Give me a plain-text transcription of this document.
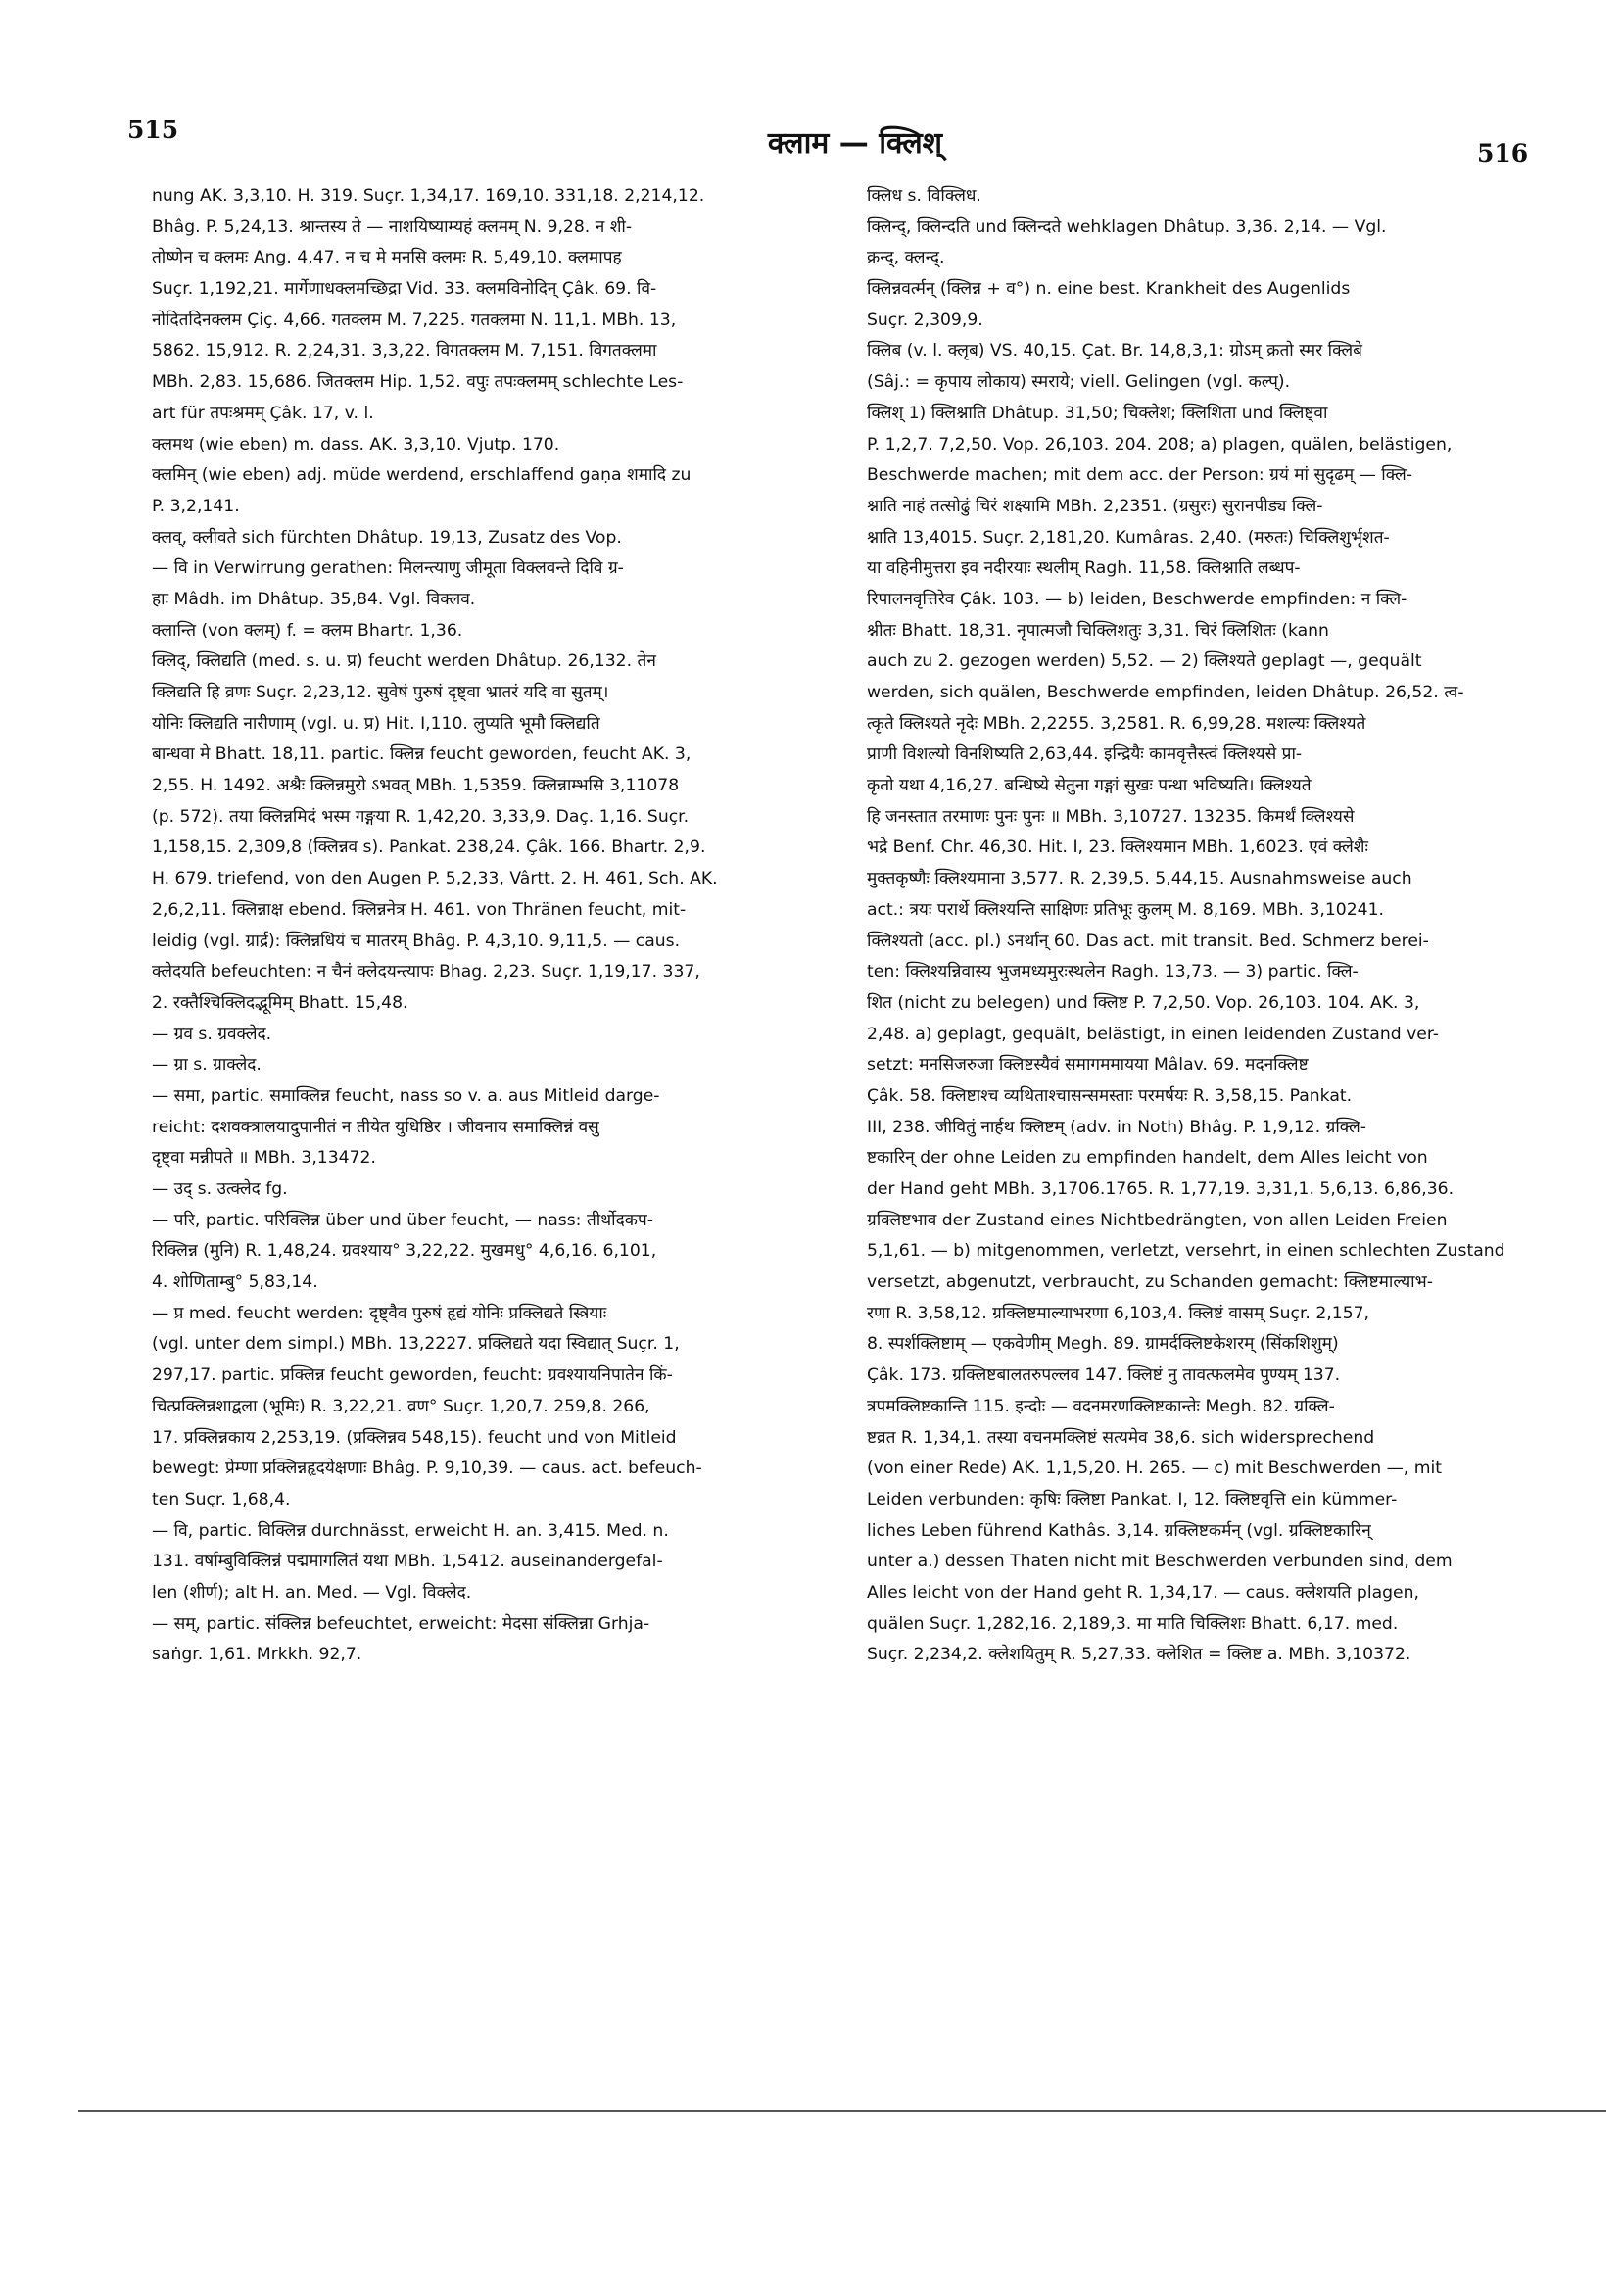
515	क्लाम — क्लिश्	516
nung AK. 3,3,10. H. 319. Suçr. 1,34,17. 169,10. 331,18. 2,214,12.
Bhâg. P. 5,24,13. श्रान्तस्य ते — नाशयिष्याम्यहं क्लमम् N. 9,28. न शी-
तोष्णेन च क्लमः Ang. 4,47. न च मे मनसि क्लमः R. 5,49,10. क्लमापह
Suçr. 1,192,21. मार्गेणाधक्लमच्छिद्रा Vid. 33. क्लमविनोदिन् Çâk. 69. वि-
नोदितदिनक्लम Çiç. 4,66. गतक्लम M. 7,225. गतक्लमा N. 11,1. MBh. 13,
5862. 15,912. R. 2,24,31. 3,3,22. विगतक्लम M. 7,151. विगतक्लमा
MBh. 2,83. 15,686. जितक्लम Hip. 1,52. वपुः तपःक्लमम् schlechte Les-
art für तपःश्रमम् Çâk. 17, v. l.
क्लमथ (wie eben) m. dass. AK. 3,3,10. Vjutp. 170.
क्लमिन् (wie eben) adj. müde werdend, erschlaffend gaṇa शमादि zu
P. 3,2,141.
क्लव्, क्लीवते sich fürchten Dhâtup. 19,13, Zusatz des Vop.
— वि in Verwirrung gerathen: मिलन्त्याणु जीमूता विक्लवन्ते दिवि ग्र-
हाः Mâdh. im Dhâtup. 35,84. Vgl. विक्लव.
क्लान्ति (von क्लम्) f. = क्लम Bhartr. 1,36.
क्लिद्, क्लिद्यति (med. s. u. प्र) feucht werden Dhâtup. 26,132. तेन
क्लिद्यति हि व्रणः Suçr. 2,23,12. सुवेषं पुरुषं दृष्ट्वा भ्रातरं यदि वा सुतम्।
योनिः क्लिद्यति नारीणाम् (vgl. u. प्र) Hit. I,110. लुप्यति भूमौ क्लिद्यति
बान्धवा मे Bhatt. 18,11. partic. क्लिन्न feucht geworden, feucht AK. 3,
2,55. H. 1492. अश्रैः क्लिन्नमुरो ऽभवत् MBh. 1,5359. क्लिन्नाम्भसि 3,11078
(p. 572). तया क्लिन्नमिदं भस्म गङ्गया R. 1,42,20. 3,33,9. Daç. 1,16. Suçr.
1,158,15. 2,309,8 (क्लिन्नव s). Pankat. 238,24. Çâk. 166. Bhartr. 2,9.
H. 679. triefend, von den Augen P. 5,2,33, Vârtt. 2. H. 461, Sch. AK.
2,6,2,11. क्लिन्नाक्ष ebend. क्लिन्ननेत्र H. 461. von Thränen feucht, mit-
leidig (vgl. ग्रार्द्र): क्लिन्नधियं च मातरम् Bhâg. P. 4,3,10. 9,11,5. — caus.
क्लेदयति befeuchten: न चैनं क्लेदयन्त्यापः Bhag. 2,23. Suçr. 1,19,17. 337,
2. रक्तैश्चिक्लिदद्भूमिम् Bhatt. 15,48.
— ग्रव s. ग्रवक्लेद.
— ग्रा s. ग्राक्लेद.
— समा, partic. समाक्लिन्न feucht, nass so v. a. aus Mitleid darge-
reicht: दशवक्त्रालयादुपानीतं न तीयेत युधिष्ठिर । जीवनाय समाक्लिन्नं वसु
दृष्ट्वा मन्नीपते ॥ MBh. 3,13472.
— उद् s. उत्क्लेद fg.
— परि, partic. परिक्लिन्न über und über feucht, — nass: तीर्थोदकप-
रिक्लिन्न (मुनि) R. 1,48,24. ग्रवश्याय° 3,22,22. मुखमधु° 4,6,16. 6,101,
4. शोणिताम्बु° 5,83,14.
— प्र med. feucht werden: दृष्ट्वैव पुरुषं हृद्यं योनिः प्रक्लिद्यते स्त्रियाः
(vgl. unter dem simpl.) MBh. 13,2227. प्रक्लिद्यते यदा स्विद्यात् Suçr. 1,
297,17. partic. प्रक्लिन्न feucht geworden, feucht: ग्रवश्यायनिपातेन किं-
चित्प्रक्लिन्नशाद्वला (भूमिः) R. 3,22,21. व्रण° Suçr. 1,20,7. 259,8. 266,
17. प्रक्लिन्नकाय 2,253,19. (प्रक्लिन्नव 548,15). feucht und von Mitleid
bewegt: प्रेम्णा प्रक्लिन्नहृदयेक्षणाः Bhâg. P. 9,10,39. — caus. act. befeuch-
ten Suçr. 1,68,4.
— वि, partic. विक्लिन्न durchnässt, erweicht H. an. 3,415. Med. n.
131. वर्षाम्बुविक्लिन्नं पद्ममागलितं यथा MBh. 1,5412. auseinandergefal-
len (शीर्ण); alt H. an. Med. — Vgl. विक्लेद.
— सम्, partic. संक्लिन्न befeuchtet, erweicht: मेदसा संक्लिन्ना Grhja-
saṅgr. 1,61. Mrkkh. 92,7.
क्लिध s. विक्लिध.
क्लिन्द्, क्लिन्दति und क्लिन्दते wehklagen Dhâtup. 3,36. 2,14. — Vgl.
क्रन्द्, क्लन्द्.
क्लिन्नवर्त्मन् (क्लिन्न + व°) n. eine best. Krankheit des Augenlids
Suçr. 2,309,9.
क्लिब (v. l. क्लृब) VS. 40,15. Çat. Br. 14,8,3,1: ग्रोऽम् क्रतो स्मर क्लिबे
(Sâj.: = कृपाय लोकाय) स्मराये; viell. Gelingen (vgl. कल्प्).
क्लिश् 1) क्लिश्नाति Dhâtup. 31,50; चिक्लेश; क्लिशिता und क्लिष्ट्वा
P. 1,2,7. 7,2,50. Vop. 26,103. 204. 208; a) plagen, quälen, belästigen,
Beschwerde machen; mit dem acc. der Person: ग्रयं मां सुदृढम् — क्लि-
श्नाति नाहं तत्सोढुं चिरं शक्ष्यामि MBh. 2,2351. (ग्रसुरः) सुरानपीड्य क्लि-
श्नाति 13,4015. Suçr. 2,181,20. Kumâras. 2,40. (मरुतः) चिक्लिशुर्भृशत-
या वहिनीमुत्तरा इव नदीरयाः स्थलीम् Ragh. 11,58. क्लिश्नाति लब्धप-
रिपालनवृत्तिरेव Çâk. 103. — b) leiden, Beschwerde empfinden: न क्लि-
श्नीतः Bhatt. 18,31. नृपात्मजौ चिक्लिशतुः 3,31. चिरं क्लिशितः (kann
auch zu 2. gezogen werden) 5,52. — 2) क्लिश्यते geplagt —, gequält
werden, sich quälen, Beschwerde empfinden, leiden Dhâtup. 26,52. त्व-
त्कृते क्लिश्यते नृदेः MBh. 2,2255. 3,2581. R. 6,99,28. मशल्यः क्लिश्यते
प्राणी विशल्यो विनशिष्यति 2,63,44. इन्द्रियैः कामवृत्तैस्त्वं क्लिश्यसे प्रा-
कृतो यथा 4,16,27. बन्धिष्ये सेतुना गङ्गां सुखः पन्था भविष्यति। क्लिश्यते
हि जनस्तात तरमाणः पुनः पुनः ॥ MBh. 3,10727. 13235. किमर्थं क्लिश्यसे
भद्रे Benf. Chr. 46,30. Hit. I, 23. क्लिश्यमान MBh. 1,6023. एवं क्लेशैः
मुक्तकृष्णैः क्लिश्यमाना 3,577. R. 2,39,5. 5,44,15. Ausnahmsweise auch
act.: त्रयः परार्थे क्लिश्यन्ति साक्षिणः प्रतिभूः कुलम् M. 8,169. MBh. 3,10241.
क्लिश्यतो (acc. pl.) ऽनर्थान् 60. Das act. mit transit. Bed. Schmerz berei-
ten: क्लिश्यन्निवास्य भुजमध्यमुरःस्थलेन Ragh. 13,73. — 3) partic. क्लि-
शित (nicht zu belegen) und क्लिष्ट P. 7,2,50. Vop. 26,103. 104. AK. 3,
2,48. a) geplagt, gequält, belästigt, in einen leidenden Zustand ver-
setzt: मनसिजरुजा क्लिष्टस्यैवं समागममायया Mâlav. 69. मदनक्लिष्ट
Çâk. 58. क्लिष्टाश्च व्यथिताश्चासन्समस्ताः परमर्षयः R. 3,58,15. Pankat.
III, 238. जीवितुं नार्हथ क्लिष्टम् (adv. in Noth) Bhâg. P. 1,9,12. ग्रक्लि-
ष्टकारिन् der ohne Leiden zu empfinden handelt, dem Alles leicht von
der Hand geht MBh. 3,1706.1765. R. 1,77,19. 3,31,1. 5,6,13. 6,86,36.
ग्रक्लिष्टभाव der Zustand eines Nichtbedrängten, von allen Leiden Freien
5,1,61. — b) mitgenommen, verletzt, versehrt, in einen schlechten Zustand
versetzt, abgenutzt, verbraucht, zu Schanden gemacht: क्लिष्टमाल्याभ-
रणा R. 3,58,12. ग्रक्लिष्टमाल्याभरणा 6,103,4. क्लिष्टं वासम् Suçr. 2,157,
8. स्पर्शक्लिष्टाम् — एकवेणीम् Megh. 89. ग्रामर्दक्लिष्टकेशरम् (सिंकशिशुम्)
Çâk. 173. ग्रक्लिष्टबालतरुपल्लव 147. क्लिष्टं नु तावत्फलमेव पुण्यम् 137.
त्रपमक्लिष्टकान्ति 115. इन्दोः — वदनमरणक्लिष्टकान्तेः Megh. 82. ग्रक्लि-
ष्टव्रत R. 1,34,1. तस्या वचनमक्लिष्टं सत्यमेव 38,6. sich widersprechend
(von einer Rede) AK. 1,1,5,20. H. 265. — c) mit Beschwerden —, mit
Leiden verbunden: कृषिः क्लिष्टा Pankat. I, 12. क्लिष्टवृत्ति ein kümmer-
liches Leben führend Kathâs. 3,14. ग्रक्लिष्टकर्मन् (vgl. ग्रक्लिष्टकारिन्
unter a.) dessen Thaten nicht mit Beschwerden verbunden sind, dem
Alles leicht von der Hand geht R. 1,34,17. — caus. क्लेशयति plagen,
quälen Suçr. 1,282,16. 2,189,3. मा माति चिक्लिशः Bhatt. 6,17. med.
Suçr. 2,234,2. क्लेशयितुम् R. 5,27,33. क्लेशित = क्लिष्ट a. MBh. 3,10372.
